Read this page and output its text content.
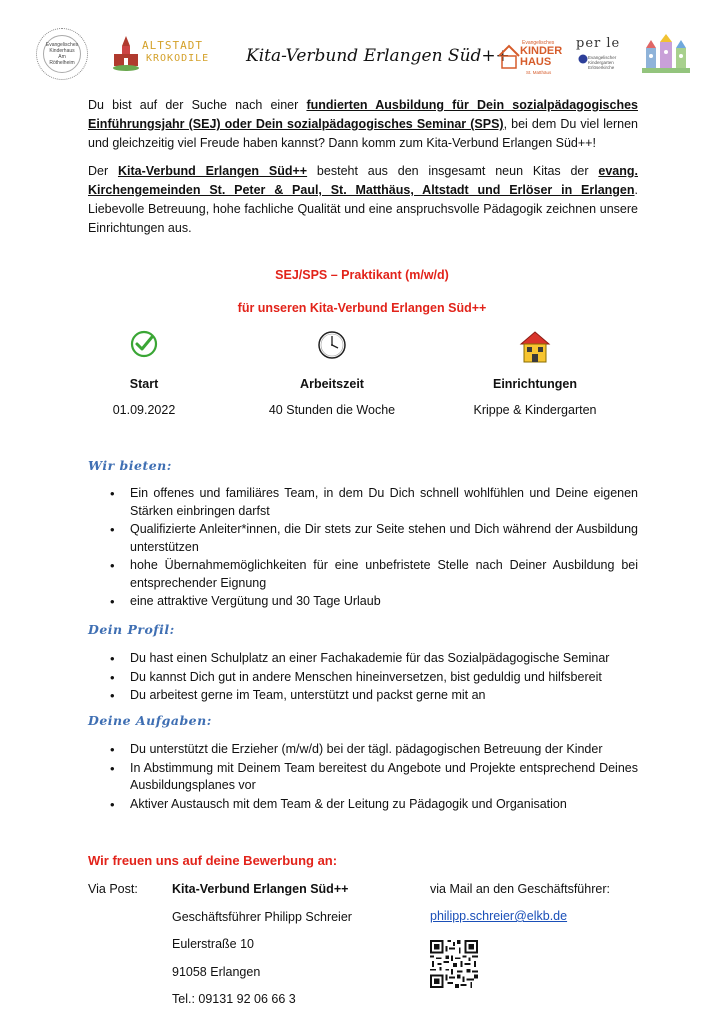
Evangelisches Kinderhaus Am Röthelheim
ALTSTADT
KROKODILE Kita-Verbund Erlangen Süd++
Evangelisches
KINDER HAUS
St. Matthäus
per le
Evangelischer Kindergarten Erlöserkirche

Du bist auf der Suche nach einer fundierten Ausbildung für Dein sozialpädagogisches Einführungsjahr (SEJ) oder Dein sozialpädagogisches Seminar (SPS), bei dem Du viel lernen und gleichzeitig viel Freude haben kannst? Dann komm zum Kita-Verbund Erlangen Süd++!

Der Kita-Verbund Erlangen Süd++ besteht aus den insgesamt neun Kitas der evang. Kirchengemeinden St. Peter & Paul, St. Matthäus, Altstadt und Erlöser in Erlangen. Liebevolle Betreuung, hohe fachliche Qualität und eine anspruchsvolle Pädagogik zeichnen unsere Einrichtungen aus.

SEJ/SPS – Praktikant (m/w/d)
für unseren Kita-Verbund Erlangen Süd++
Start
01.09.2022
Arbeitszeit
40 Stunden die Woche
Einrichtungen
Krippe & Kindergarten
Wir bieten:
• Ein offenes und familiäres Team, in dem Du Dich schnell wohlfühlen und Deine eigenen Stärken einbringen darfst
• Qualifizierte Anleiter*innen, die Dir stets zur Seite stehen und Dich während der Ausbildung unterstützen
• hohe Übernahmemöglichkeiten für eine unbefristete Stelle nach Deiner Ausbildung bei entsprechender Eignung
• eine attraktive Vergütung und 30 Tage Urlaub
Dein Profil:
• Du hast einen Schulplatz an einer Fachakademie für das Sozialpädagogische Seminar
• Du kannst Dich gut in andere Menschen hineinversetzen, bist geduldig und hilfsbereit
• Du arbeitest gerne im Team, unterstützt und packst gerne mit an
Deine Aufgaben:
• Du unterstützt die Erzieher (m/w/d) bei der tägl. pädagogischen Betreuung der Kinder
• In Abstimmung mit Deinem Team bereitest du Angebote und Projekte entsprechend Deines Ausbildungsplanes vor
• Aktiver Austausch mit dem Team & der Leitung zu Pädagogik und Organisation
Wir freuen uns auf deine Bewerbung an:
Via Post:	Kita-Verbund Erlangen Süd++
Geschäftsführer Philipp Schreier
Eulerstraße 10
91058 Erlangen
Tel.: 09131 92 06 66 3
via Mail an den Geschäftsführer:
philipp.schreier@elkb.de
